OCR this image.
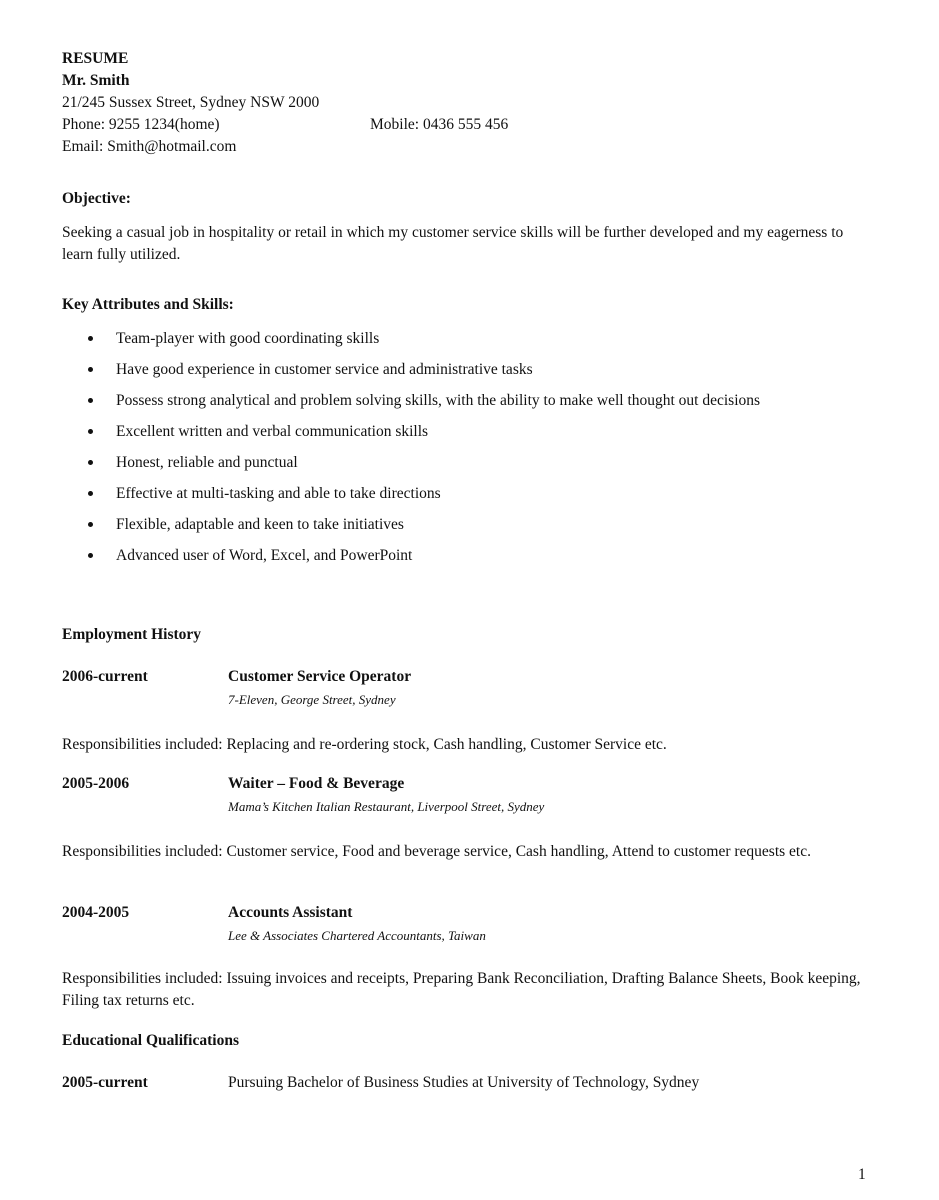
RESUME
Mr. Smith
21/245 Sussex Street, Sydney NSW 2000
Phone: 9255 1234(home)	Mobile: 0436 555 456
Email: Smith@hotmail.com
Objective:
Seeking a casual job in hospitality or retail in which my customer service skills will be further developed and my eagerness to learn fully utilized.
Key Attributes and Skills:
Team-player with good coordinating skills
Have good experience in customer service and administrative tasks
Possess strong analytical and problem solving skills, with the ability to make well thought out decisions
Excellent written and verbal communication skills
Honest, reliable and punctual
Effective at multi-tasking and able to take directions
Flexible, adaptable and keen to take initiatives
Advanced user of Word, Excel, and PowerPoint
Employment History
2006-current	Customer Service Operator
7-Eleven, George Street, Sydney
Responsibilities included: Replacing and re-ordering stock, Cash handling, Customer Service etc.
2005-2006	Waiter – Food & Beverage
Mama’s Kitchen Italian Restaurant, Liverpool Street, Sydney
Responsibilities included: Customer service, Food and beverage service, Cash handling, Attend to customer requests etc.
2004-2005	Accounts Assistant
Lee & Associates Chartered Accountants, Taiwan
Responsibilities included: Issuing invoices and receipts, Preparing Bank Reconciliation, Drafting Balance Sheets, Book keeping, Filing tax returns etc.
Educational Qualifications
2005-current	Pursuing Bachelor of Business Studies at University of Technology, Sydney
1
